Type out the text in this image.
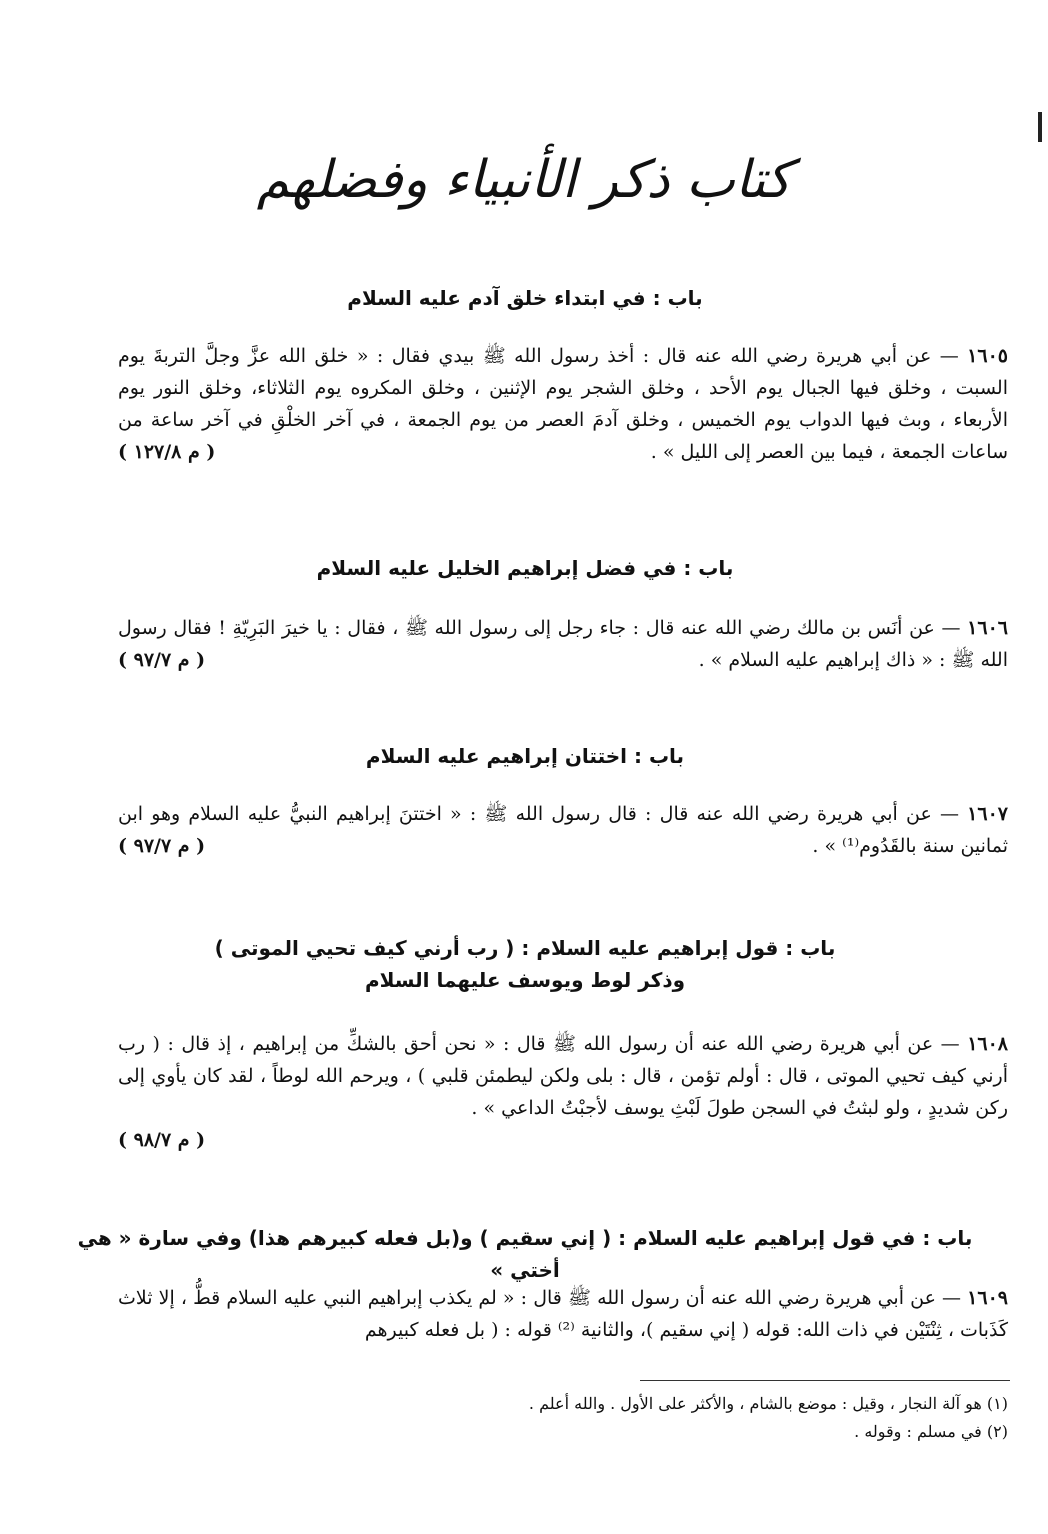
كتاب ذكر الأنبياء وفضلهم
باب : في ابتداء خلق آدم عليه السلام
١٦٠٥ — عن أبي هريرة رضي الله عنه قال : أخذ رسول الله ﷺ بيدي فقال : « خلق الله عزَّ وجلَّ التربةَ يوم السبت ، وخلق فيها الجبال يوم الأحد ، وخلق الشجر يوم الإثنين ، وخلق المكروه يوم الثلاثاء، وخلق النور يوم الأربعاء ، وبث فيها الدواب يوم الخميس ، وخلق آدمَ العصر من يوم الجمعة ، في آخر الخلْقِ في آخر ساعة من ساعات الجمعة ، فيما بين العصر إلى الليل » .
( م ١٢٧/٨ )
باب : في فضل إبراهيم الخليل عليه السلام
١٦٠٦ — عن أنَس بن مالك رضي الله عنه قال : جاء رجل إلى رسول الله ﷺ ، فقال : يا خيرَ البَرِيّةِ ! فقال رسول الله ﷺ : « ذاك إبراهيم عليه السلام » .
( م ٩٧/٧ )
باب : اختتان إبراهيم عليه السلام
١٦٠٧ — عن أبي هريرة رضي الله عنه قال : قال رسول الله ﷺ : « اختتنَ إبراهيم النبيُّ عليه السلام وهو ابن ثمانين سنة بالقَدُوم⁽¹⁾ » .
( م ٩٧/٧ )
باب : قول إبراهيم عليه السلام : ( رب أرني كيف تحيي الموتى )
وذكر لوط ويوسف عليهما السلام
١٦٠٨ — عن أبي هريرة رضي الله عنه أن رسول الله ﷺ قال : « نحن أحق بالشكِّ من إبراهيم ، إذ قال : ( رب أرني كيف تحيي الموتى ، قال : أولم تؤمن ، قال : بلى ولكن ليطمئن قلبي ) ، ويرحم الله لوطاً ، لقد كان يأوي إلى ركن شديدٍ ، ولو لبثتُ في السجن طولَ لَبْثِ يوسف لأجبْتُ الداعي » .
( م ٩٨/٧ )
باب : في قول إبراهيم عليه السلام : ( إني سقيم ) و(بل فعله كبيرهم هذا) وفي سارة « هي أختي »
١٦٠٩ — عن أبي هريرة رضي الله عنه أن رسول الله ﷺ قال : « لم يكذب إبراهيم النبي عليه السلام قطُّ ، إلا ثلاث كَذَبات ، ثِنْتَيْن في ذات الله: قوله ( إني سقيم )، والثانية ⁽²⁾ قوله : ( بل فعله كبيرهم
(١) هو آلة النجار ، وقيل : موضع بالشام ، والأكثر على الأول . والله أعلم .
(٢) في مسلم : وقوله .
